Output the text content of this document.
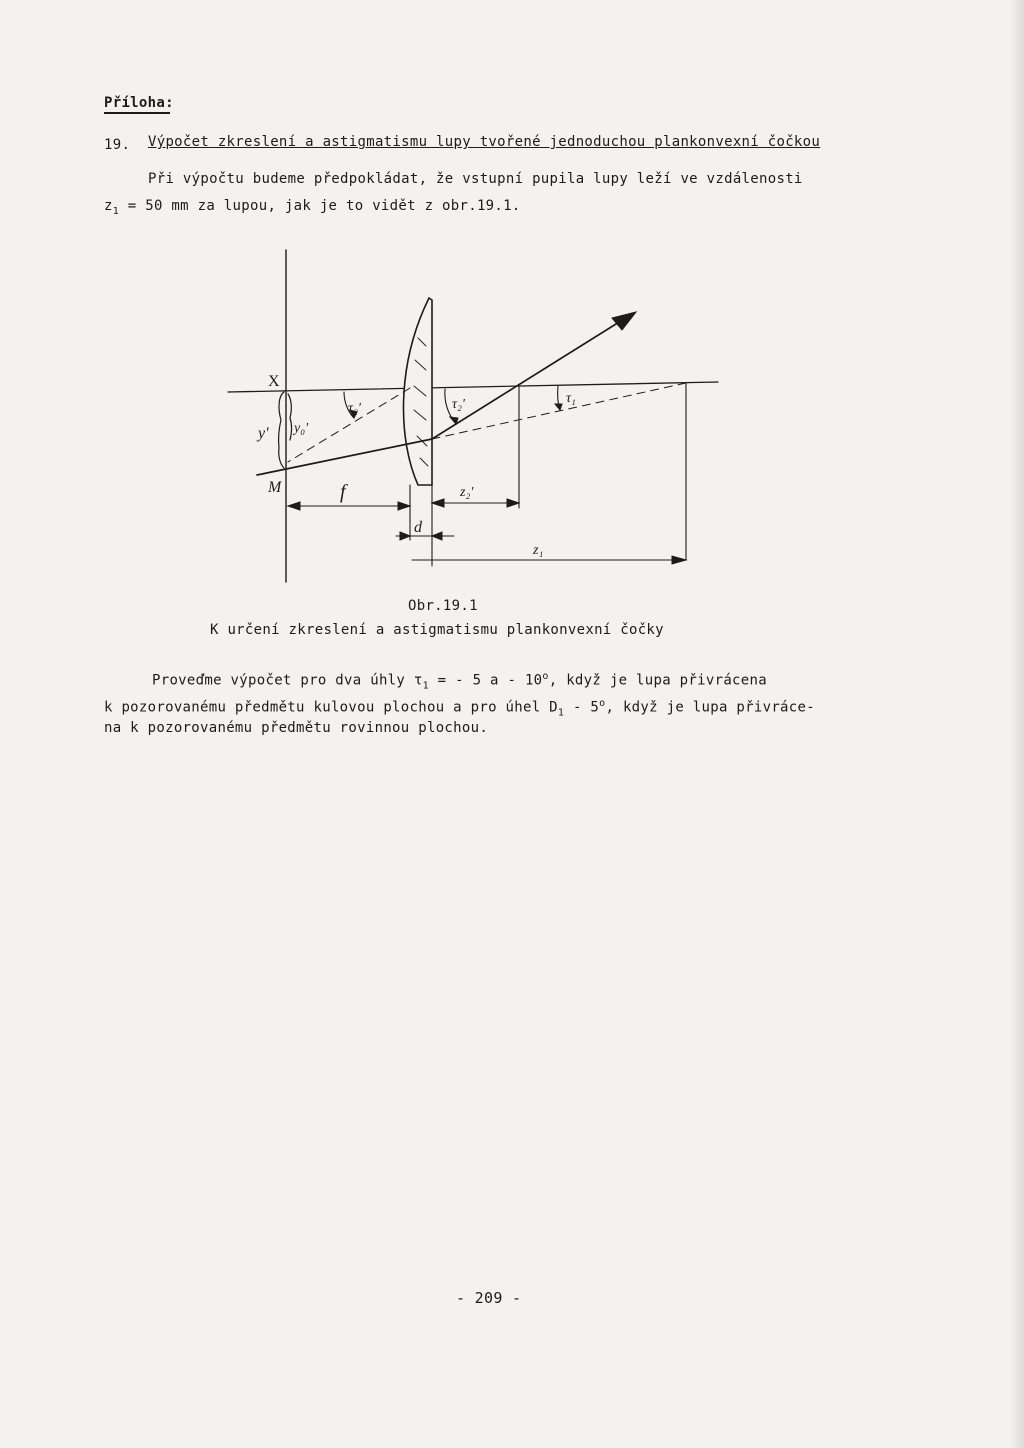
Příloha:
19. Výpočet zkreslení a astigmatismu lupy tvořené jednoduchou plankonvexní čočkou
Při výpočtu budeme předpokládat, že vstupní pupila lupy leží ve vzdálenosti
$z_1 = 50$ mm za lupou, jak je to vidět z obr.19.1.
X
y' y₀'
M	f
d
z₂'
z₁
τ₂'	τ₂'	τ₁
Obr.19.1
K určení zkreslení a astigmatismu plankonvexní čočky
Proveďme výpočet pro dva úhly $\tau_1$ = - 5 a - 10$^o$, když je lupa přivrácena
k pozorovanému předmětu kulovou plochou a pro úhel $D_1 - 5^o$, když je lupa přivráce-
na k pozorovanému předmětu rovinnou plochou.
- 209 -
